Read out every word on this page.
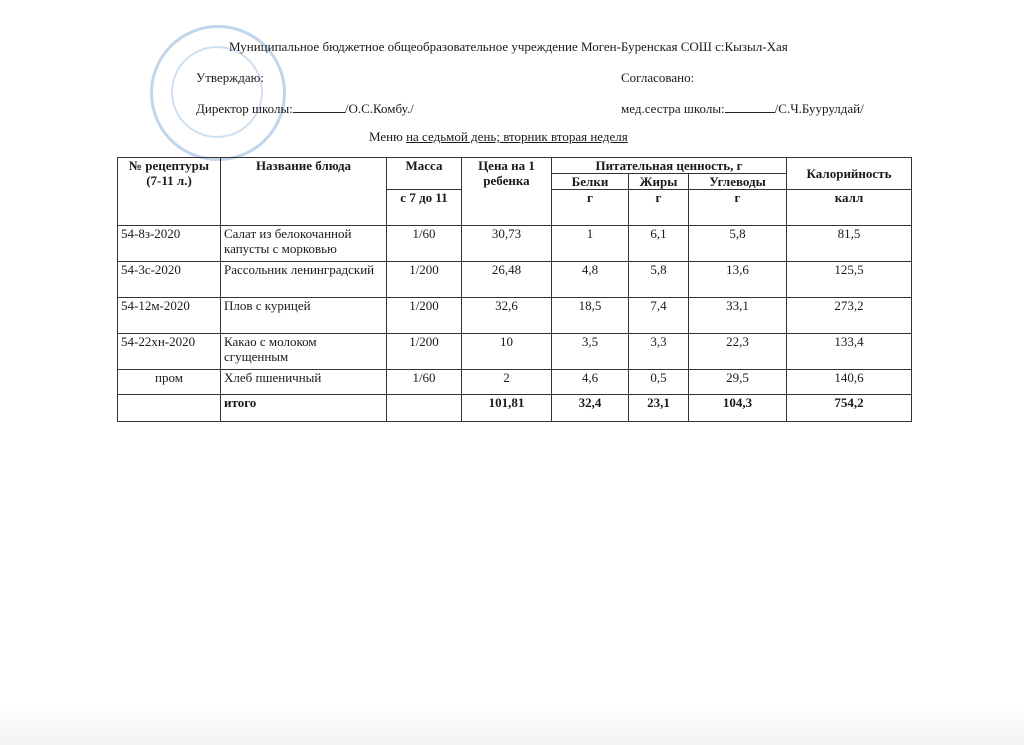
Муниципальное бюджетное общеобразовательное учреждение Моген-Буренская СОШ с:Кызыл-Хая
Утверждаю:
Директор школы:	/О.С.Комбу./
Согласовано:
мед.сестра школы:	/С.Ч.Буурулдай/
Меню на седьмой день; вторник вторая неделя
№ рецептуры (7-11 л.)	Название блюда	Масса	Цена на 1 ребенка	Питательная ценность, г			Калорийность
				Белки	Жиры	Углеводы	
		с 7 до 11		г	г	г	калл
54-8з-2020	Салат из белокочанной капусты с морковью	1/60	30,73	1	6,1	5,8	81,5
54-3с-2020	Рассольник ленинградский	1/200	26,48	4,8	5,8	13,6	125,5
54-12м-2020	Плов с курицей	1/200	32,6	18,5	7,4	33,1	273,2
54-22хн-2020	Какао с молоком сгущенным	1/200	10	3,5	3,3	22,3	133,4
пром	Хлеб пшеничный	1/60	2	4,6	0,5	29,5	140,6
	итого		101,81	32,4	23,1	104,3	754,2
